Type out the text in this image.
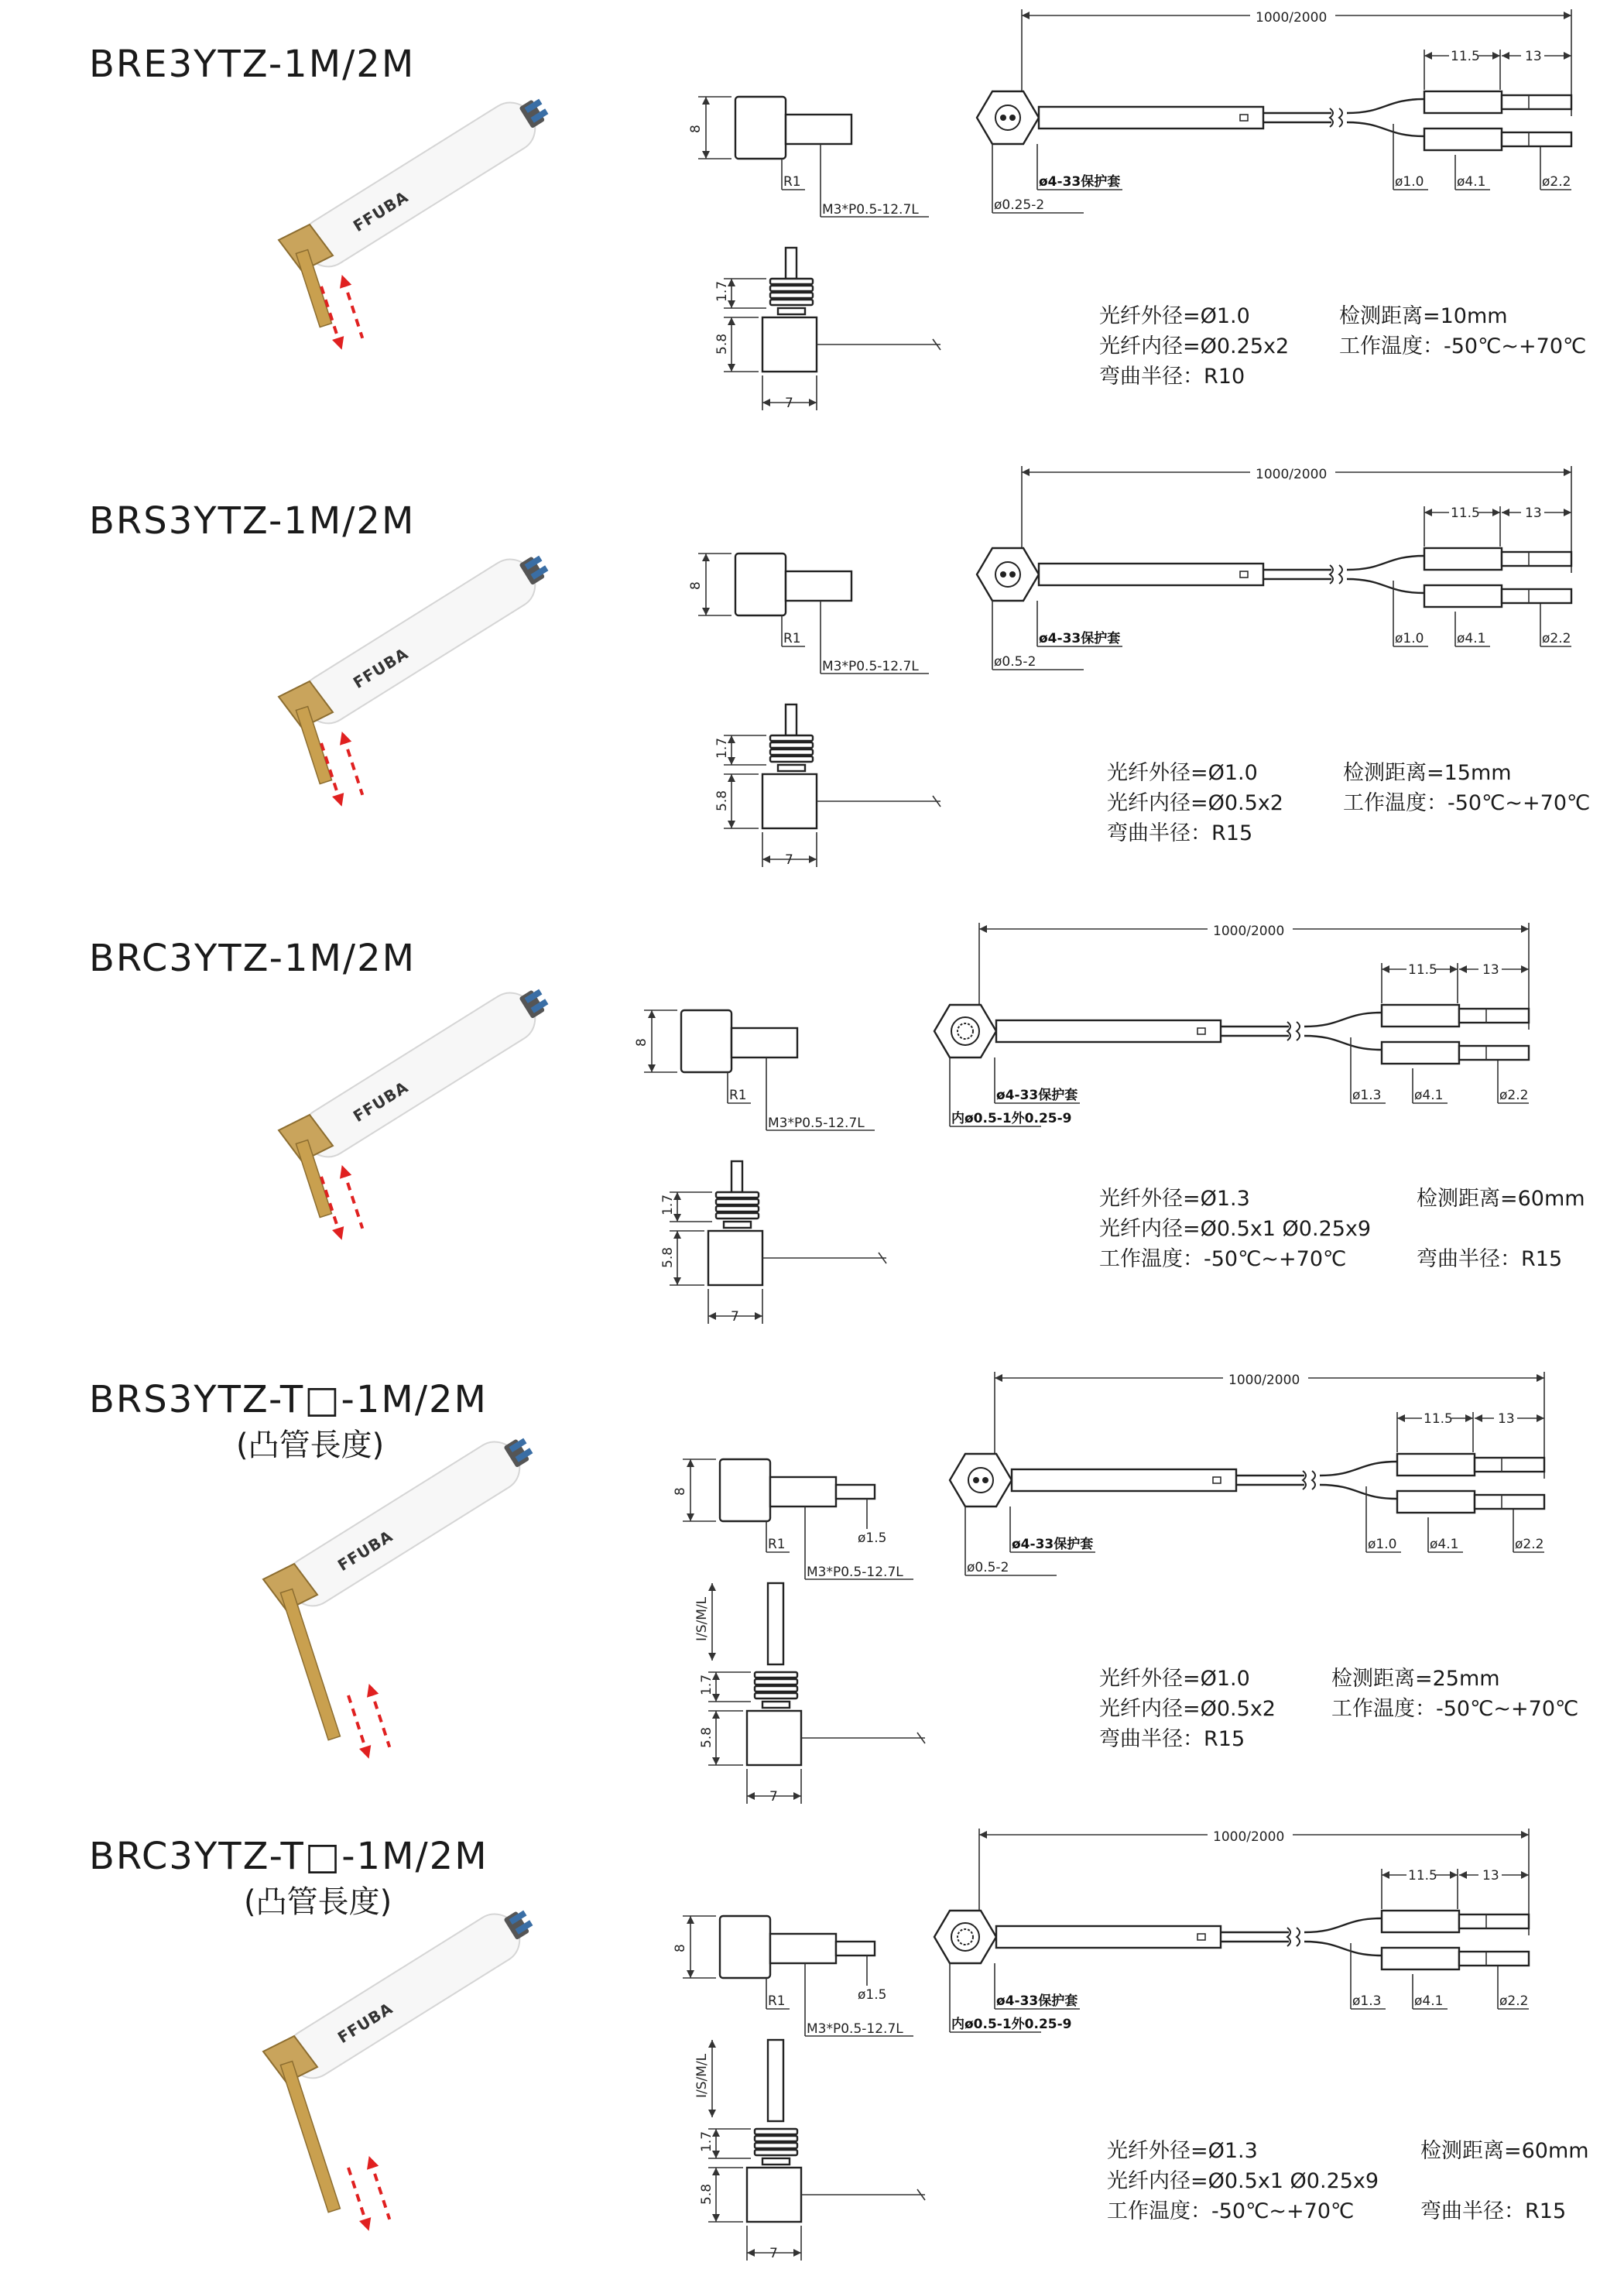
BRE3YTZ-1M/2M
FFUBA
8
R1
M3*P0.5-12.7L
1.7
5.8
7
1000/2000
11.5	13
ø4-33保护套
ø0.25-2
ø1.0	ø4.1	ø2.2
光纤外径=Ø1.0
光纤内径=Ø0.25x2
弯曲半径：R10
检测距离=10mm
工作温度：-50℃~+70℃
BRS3YTZ-1M/2M
FFUBA
8
R1
M3*P0.5-12.7L
1.7
5.8
7
1000/2000
11.5	13
ø4-33保护套
ø0.5-2
ø1.0	ø4.1	ø2.2
光纤外径=Ø1.0
光纤内径=Ø0.5x2
弯曲半径：R15
检测距离=15mm
工作温度：-50℃~+70℃
BRC3YTZ-1M/2M
FFUBA
8
R1
M3*P0.5-12.7L
1.7
5.8
7
1000/2000
11.5	13
ø4-33保护套
内ø0.5-1外0.25-9
ø1.3	ø4.1	ø2.2
光纤外径=Ø1.3
光纤内径=Ø0.5x1 Ø0.25x9
工作温度：-50℃~+70℃
检测距离=60mm
弯曲半径：R15
BRS3YTZ-T□-1M/2M
(凸管長度)
FFUBA	ø1.5
8
R1
M3*P0.5-12.7L
I/S/M/L
1.7
5.8
7
1000/2000
11.5	13
ø4-33保护套
ø0.5-2
ø1.0	ø4.1	ø2.2
光纤外径=Ø1.0
光纤内径=Ø0.5x2
弯曲半径：R15
检测距离=25mm
工作温度：-50℃~+70℃
BRC3YTZ-T□-1M/2M
(凸管長度)
FFUBA
ø1.5
8
R1
M3*P0.5-12.7L
I/S/M/L
1.7
5.8
7
1000/2000
11.5	13
ø4-33保护套
内ø0.5-1外0.25-9
ø1.3	ø4.1	ø2.2
光纤外径=Ø1.3
光纤内径=Ø0.5x1 Ø0.25x9
工作温度：-50℃~+70℃
检测距离=60mm
弯曲半径：R15
